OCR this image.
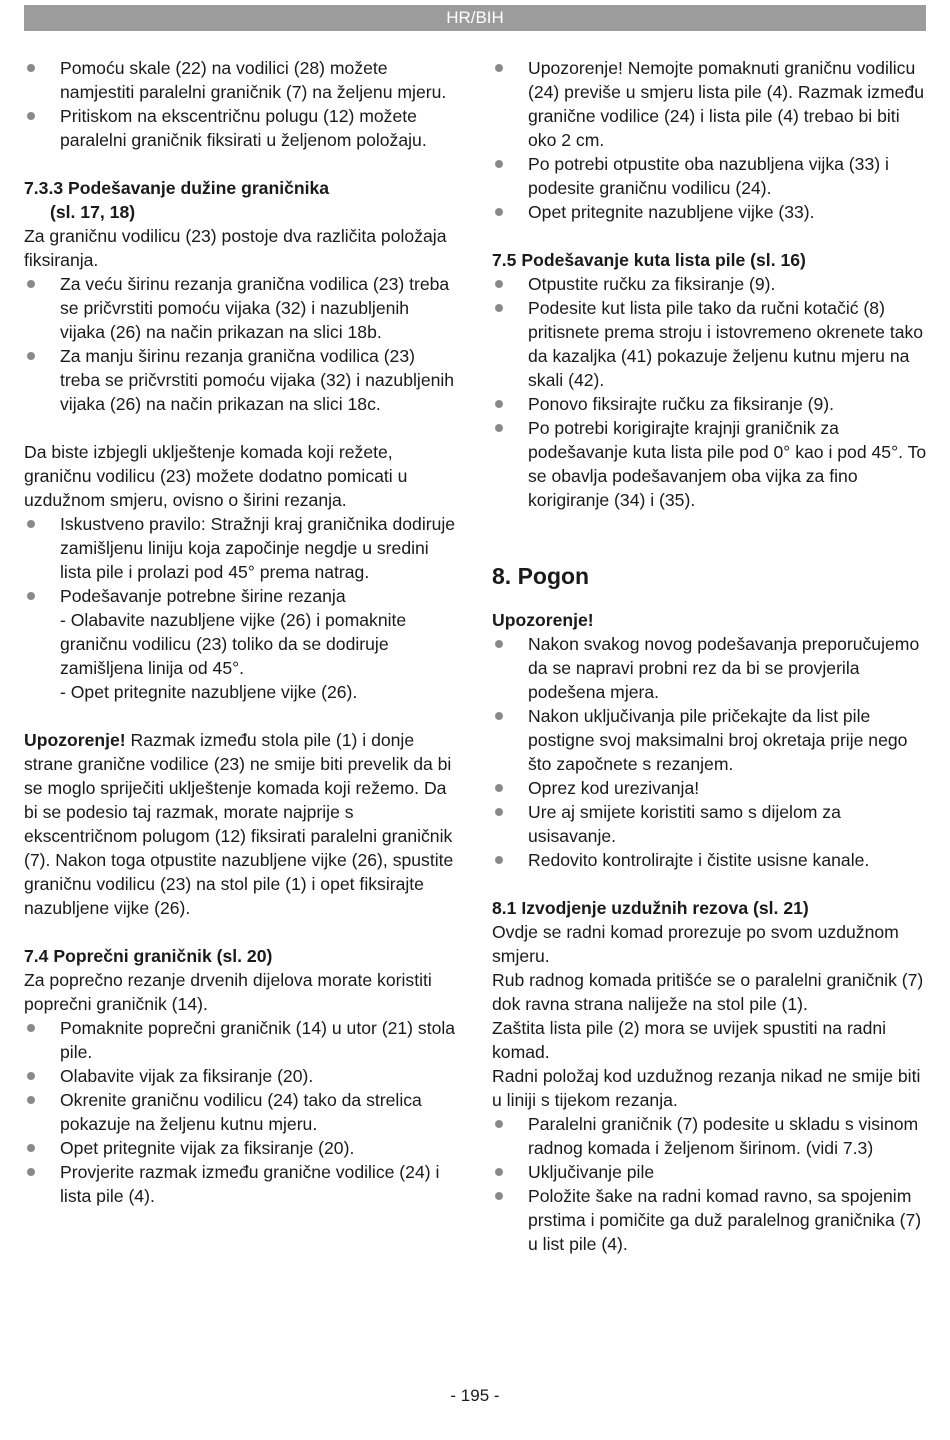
HR/BIH
Pomoću skale (22) na vodilici (28) možete namjestiti paralelni graničnik (7) na željenu mjeru.
Pritiskom na ekscentričnu polugu (12) možete paralelni graničnik fiksirati u željenom položaju.
7.3.3 Podešavanje dužine graničnika
(sl. 17, 18)
Za graničnu vodilicu (23) postoje dva različita položaja fiksiranja.
Za veću širinu rezanja granična vodilica (23) treba se pričvrstiti pomoću vijaka (32) i nazubljenih vijaka (26) na način prikazan na slici 18b.
Za manju širinu rezanja granična vodilica (23) treba se pričvrstiti pomoću vijaka (32) i nazubljenih vijaka (26) na način prikazan na slici 18c.
Da biste izbjegli uklještenje komada koji režete, graničnu vodilicu (23) možete dodatno pomicati u uzdužnom smjeru, ovisno o širini rezanja.
Iskustveno pravilo: Stražnji kraj graničnika dodiruje zamišljenu liniju koja započinje negdje u sredini lista pile i prolazi pod 45° prema natrag.
Podešavanje potrebne širine rezanja
- Olabavite nazubljene vijke (26) i pomaknite graničnu vodilicu (23) toliko da se dodiruje zamišljena linija od 45°.
- Opet pritegnite nazubljene vijke (26).
Upozorenje! Razmak između stola pile (1) i donje strane granične vodilice (23) ne smije biti prevelik da bi se moglo spriječiti uklještenje komada koji režemo. Da bi se podesio taj razmak, morate najprije s ekscentričnom polugom (12) fiksirati paralelni graničnik (7). Nakon toga otpustite nazubljene vijke (26), spustite graničnu vodilicu (23) na stol pile (1) i opet fiksirajte nazubljene vijke (26).
7.4 Poprečni graničnik (sl. 20)
Za poprečno rezanje drvenih dijelova morate koristiti poprečni graničnik (14).
Pomaknite poprečni graničnik (14) u utor (21) stola pile.
Olabavite vijak za fiksiranje (20).
Okrenite graničnu vodilicu (24) tako da strelica pokazuje na željenu kutnu mjeru.
Opet pritegnite vijak za fiksiranje (20).
Provjerite razmak između granične vodilice (24) i lista pile (4).
Upozorenje! Nemojte pomaknuti graničnu vodilicu (24) previše u smjeru lista pile (4). Razmak između granične vodilice (24) i lista pile (4) trebao bi biti oko 2 cm.
Po potrebi otpustite oba nazubljena vijka (33) i podesite graničnu vodilicu (24).
Opet pritegnite nazubljene vijke (33).
7.5 Podešavanje kuta lista pile (sl. 16)
Otpustite ručku za fiksiranje (9).
Podesite kut lista pile tako da ručni kotačić (8) pritisnete prema stroju i istovremeno okrenete tako da kazaljka (41) pokazuje željenu kutnu mjeru na skali (42).
Ponovo fiksirajte ručku za fiksiranje (9).
Po potrebi korigirajte krajnji graničnik za podešavanje kuta lista pile pod 0° kao i pod 45°. To se obavlja podešavanjem oba vijka za fino korigiranje (34) i (35).
8. Pogon
Upozorenje!
Nakon svakog novog podešavanja preporučujemo da se napravi probni rez da bi se provjerila podešena mjera.
Nakon uključivanja pile pričekajte da list pile postigne svoj maksimalni broj okretaja prije nego što započnete s rezanjem.
Oprez kod urezivanja!
Ure aj smijete koristiti samo s dijelom za usisavanje.
Redovito kontrolirajte i čistite usisne kanale.
8.1 Izvodjenje uzdužnih rezova (sl. 21)
Ovdje se radni komad prorezuje po svom uzdužnom smjeru.
Rub radnog komada pritišće se o paralelni graničnik (7) dok ravna strana naliježe na stol pile (1).
Zaštita lista pile (2) mora se uvijek spustiti na radni komad.
Radni položaj kod uzdužnog rezanja nikad ne smije biti u liniji s tijekom rezanja.
Paralelni graničnik (7) podesite u skladu s visinom radnog komada i željenom širinom. (vidi 7.3)
Uključivanje pile
Položite šake na radni komad ravno, sa spojenim prstima i pomičite ga duž paralelnog graničnika (7) u list pile (4).
- 195 -
